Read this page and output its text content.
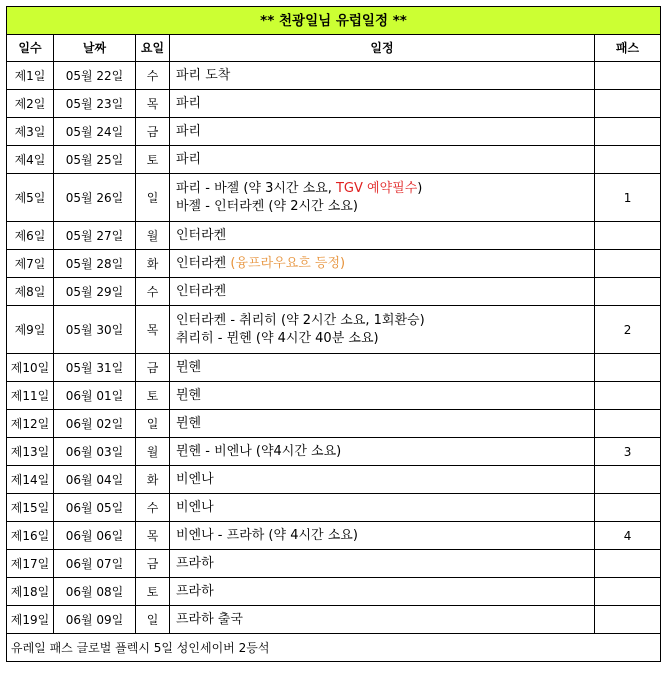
** 천광일님 유럽일정 **				
일수	날짜	요일	일정	패스
제1일	05월 22일	수	파리 도착	

제2일	05월 23일	목	파리	

제3일	05월 24일	금	파리	

제4일	05월 25일	토	파리	

제5일	05월 26일	일	파리 - 바젤 (약 3시간 소요, TGV 예약필수)
바젤 - 인터라켄 (약 2시간 소요)	1
제6일	05월 27일	월	인터라켄	

제7일	05월 28일	화	인터라켄 (융프라우요흐 등정)	

제8일	05월 29일	수	인터라켄	

제9일	05월 30일	목	인터라켄 - 취리히 (약 2시간 소요, 1회환승)
취리히 - 뮌헨 (약 4시간 40분 소요)	2
제10일	05월 31일	금	뮌헨	

제11일	06월 01일	토	뮌헨	

제12일	06월 02일	일	뮌헨	

제13일	06월 03일	월	뮌헨 - 비엔나 (약4시간 소요)	3
제14일	06월 04일	화	비엔나	

제15일	06월 05일	수	비엔나	

제16일	06월 06일	목	비엔나 - 프라하 (약 4시간 소요)	4
제17일	06월 07일	금	프라하	

제18일	06월 08일	토	프라하	

제19일	06월 09일	일	프라하 출국	

유레일 패스 글로벌 플렉시 5일 성인세이버 2등석				
